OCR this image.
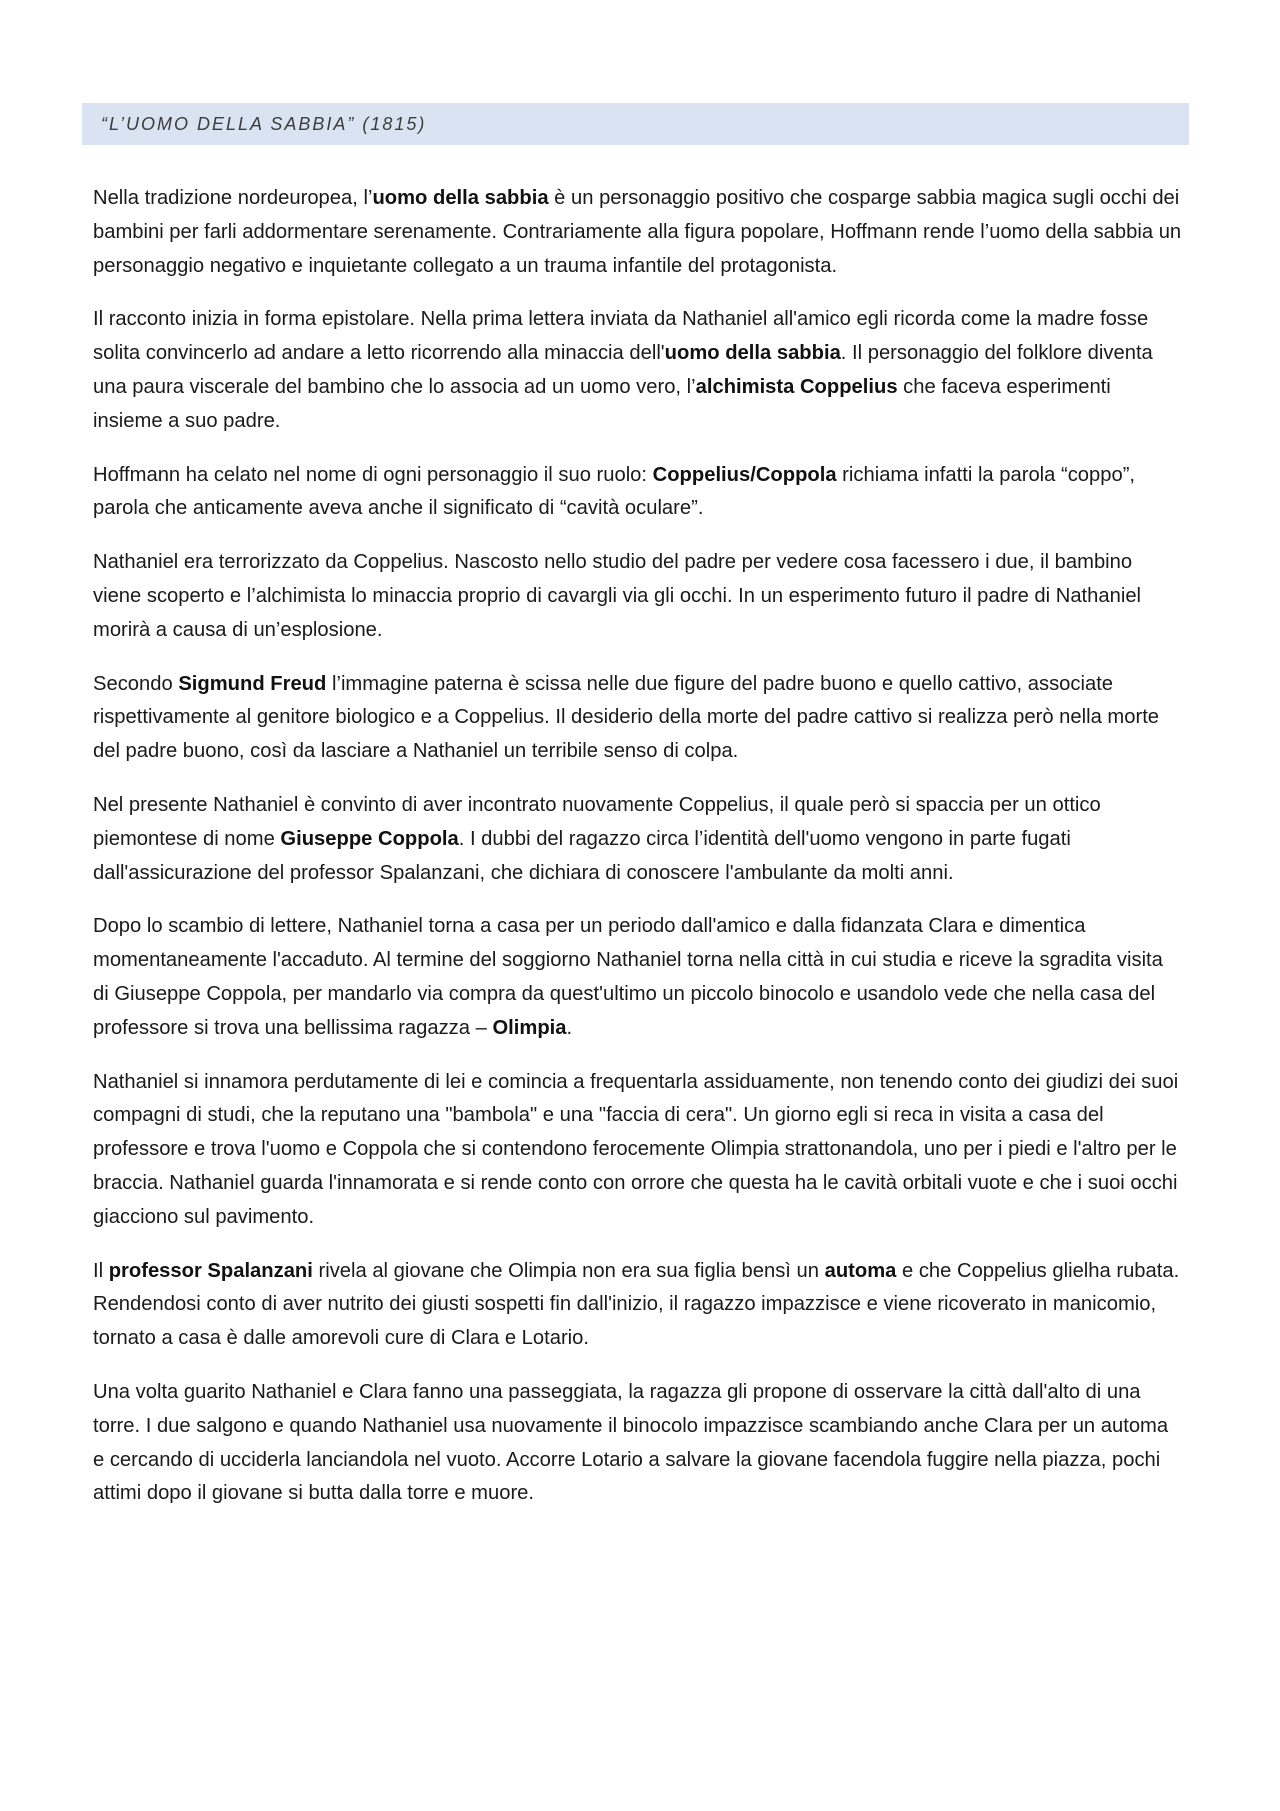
“L’UOMO DELLA SABBIA” (1815)

Nella tradizione nordeuropea, l’uomo della sabbia è un personaggio positivo che cosparge sabbia magica sugli occhi dei bambini per farli addormentare serenamente. Contrariamente alla figura popolare, Hoffmann rende l’uomo della sabbia un personaggio negativo e inquietante collegato a un trauma infantile del protagonista.

Il racconto inizia in forma epistolare. Nella prima lettera inviata da Nathaniel all'amico egli ricorda come la madre fosse solita convincerlo ad andare a letto ricorrendo alla minaccia dell'uomo della sabbia. Il personaggio del folklore diventa una paura viscerale del bambino che lo associa ad un uomo vero, l’alchimista Coppelius che faceva esperimenti insieme a suo padre.

Hoffmann ha celato nel nome di ogni personaggio il suo ruolo: Coppelius/Coppola richiama infatti la parola “coppo”, parola che anticamente aveva anche il significato di “cavità oculare”.

Nathaniel era terrorizzato da Coppelius. Nascosto nello studio del padre per vedere cosa facessero i due, il bambino viene scoperto e l’alchimista lo minaccia proprio di cavargli via gli occhi. In un esperimento futuro il padre di Nathaniel morirà a causa di un’esplosione.

Secondo Sigmund Freud l’immagine paterna è scissa nelle due figure del padre buono e quello cattivo, associate rispettivamente al genitore biologico e a Coppelius. Il desiderio della morte del padre cattivo si realizza però nella morte del padre buono, così da lasciare a Nathaniel un terribile senso di colpa.

Nel presente Nathaniel è convinto di aver incontrato nuovamente Coppelius, il quale però si spaccia per un ottico piemontese di nome Giuseppe Coppola. I dubbi del ragazzo circa l’identità dell'uomo vengono in parte fugati dall'assicurazione del professor Spalanzani, che dichiara di conoscere l'ambulante da molti anni.

Dopo lo scambio di lettere, Nathaniel torna a casa per un periodo dall'amico e dalla fidanzata Clara e dimentica momentaneamente l'accaduto. Al termine del soggiorno Nathaniel torna nella città in cui studia e riceve la sgradita visita di Giuseppe Coppola, per mandarlo via compra da quest'ultimo un piccolo binocolo e usandolo vede che nella casa del professore si trova una bellissima ragazza – Olimpia.

Nathaniel si innamora perdutamente di lei e comincia a frequentarla assiduamente, non tenendo conto dei giudizi dei suoi compagni di studi, che la reputano una "bambola" e una "faccia di cera". Un giorno egli si reca in visita a casa del professore e trova l'uomo e Coppola che si contendono ferocemente Olimpia strattonandola, uno per i piedi e l'altro per le braccia. Nathaniel guarda l'innamorata e si rende conto con orrore che questa ha le cavità orbitali vuote e che i suoi occhi giacciono sul pavimento.

Il professor Spalanzani rivela al giovane che Olimpia non era sua figlia bensì un automa e che Coppelius glielha rubata. Rendendosi conto di aver nutrito dei giusti sospetti fin dall'inizio, il ragazzo impazzisce e viene ricoverato in manicomio, tornato a casa è dalle amorevoli cure di Clara e Lotario.

Una volta guarito Nathaniel e Clara fanno una passeggiata, la ragazza gli propone di osservare la città dall'alto di una torre. I due salgono e quando Nathaniel usa nuovamente il binocolo impazzisce scambiando anche Clara per un automa e cercando di ucciderla lanciandola nel vuoto. Accorre Lotario a salvare la giovane facendola fuggire nella piazza, pochi attimi dopo il giovane si butta dalla torre e muore.
